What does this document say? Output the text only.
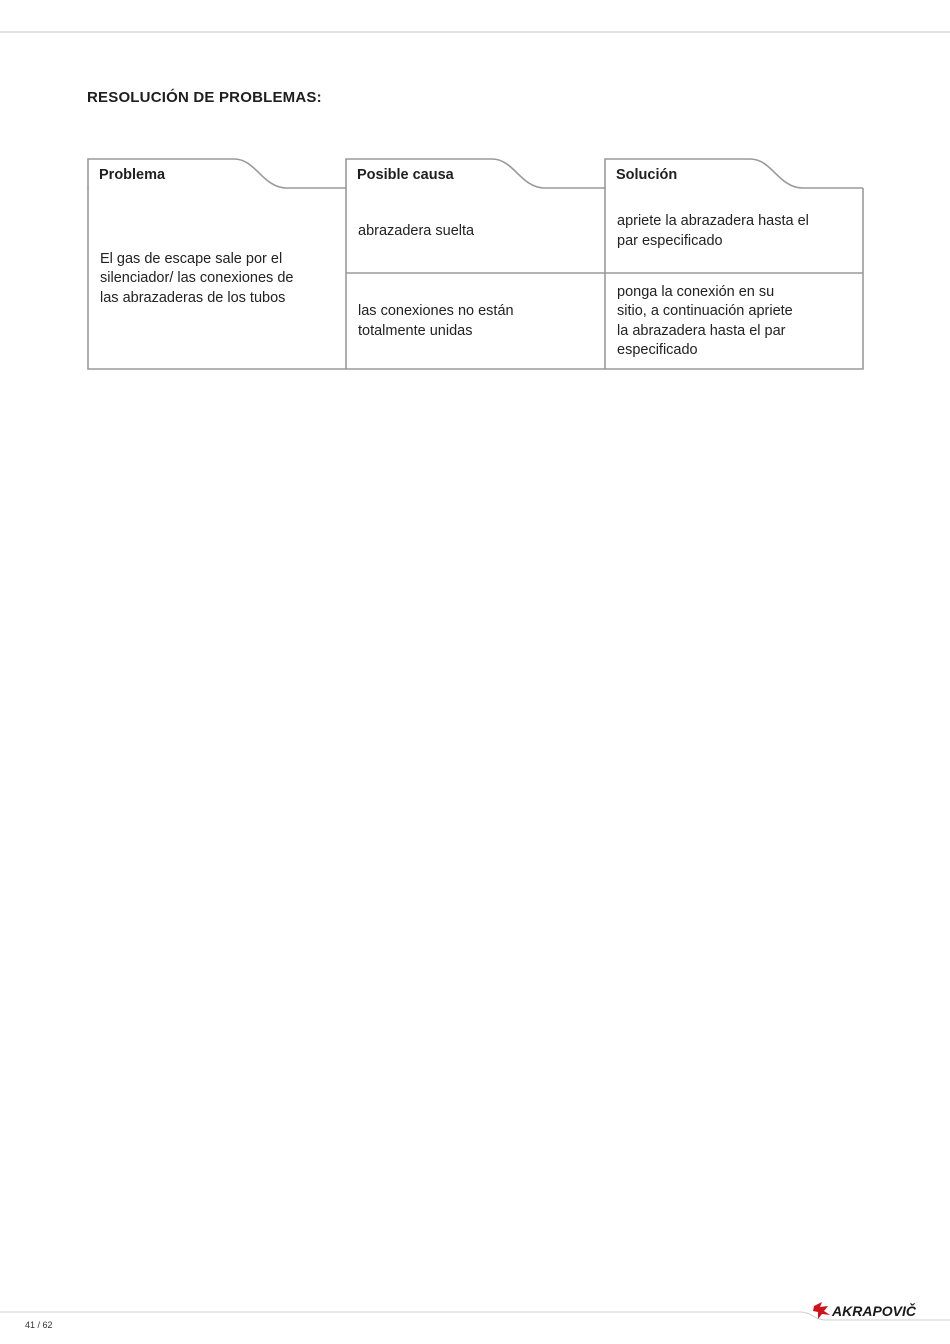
RESOLUCIÓN DE PROBLEMAS:
Problema	Posible causa	Solución
El gas de escape sale por el
silenciador/ las conexiones de
las abrazaderas de los tubos
abrazadera suelta
apriete la abrazadera hasta el
par especificado
las conexiones no están
totalmente unidas
ponga la conexión en su
sitio, a continuación apriete
la abrazadera hasta el par
especificado
41 / 62
AKRAPOVIČ
